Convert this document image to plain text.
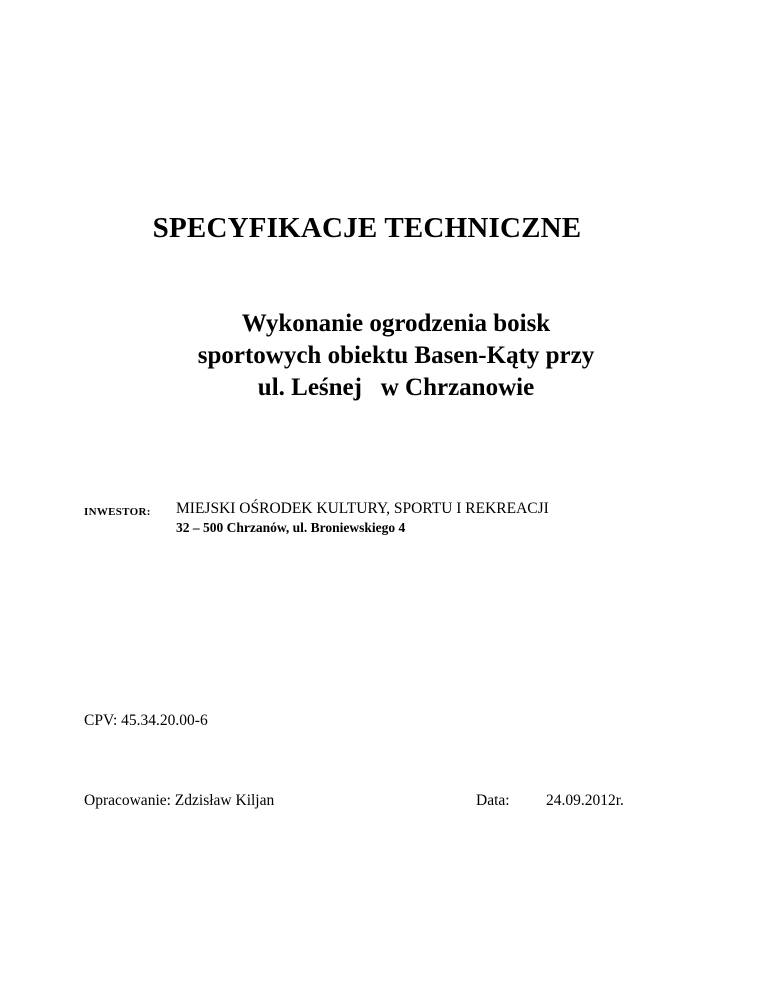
SPECYFIKACJE TECHNICZNE
Wykonanie ogrodzenia boisk
sportowych obiektu Basen-Kąty przy
ul. Leśnej   w Chrzanowie
INWESTOR: MIEJSKI OŚRODEK KULTURY, SPORTU I REKREACJI
32 – 500 Chrzanów, ul. Broniewskiego 4
CPV: 45.34.20.00-6
Opracowanie: Zdzisław Kiljan	Data: 24.09.2012r.
